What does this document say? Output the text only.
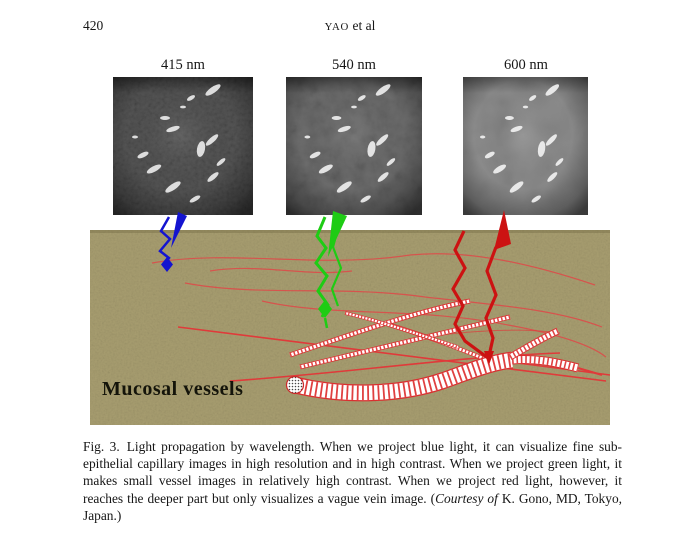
420	YAO et al
415 nm	540 nm	600 nm
Mucosal vessels
Fig. 3. Light propagation by wavelength. When we project blue light, it can visualize fine sub-epithelial capillary images in high resolution and in high contrast. When we project green light, it makes small vessel images in relatively high contrast. When we project red light, however, it reaches the deeper part but only visualizes a vague vein image. (Courtesy of K. Gono, MD, Tokyo, Japan.)
